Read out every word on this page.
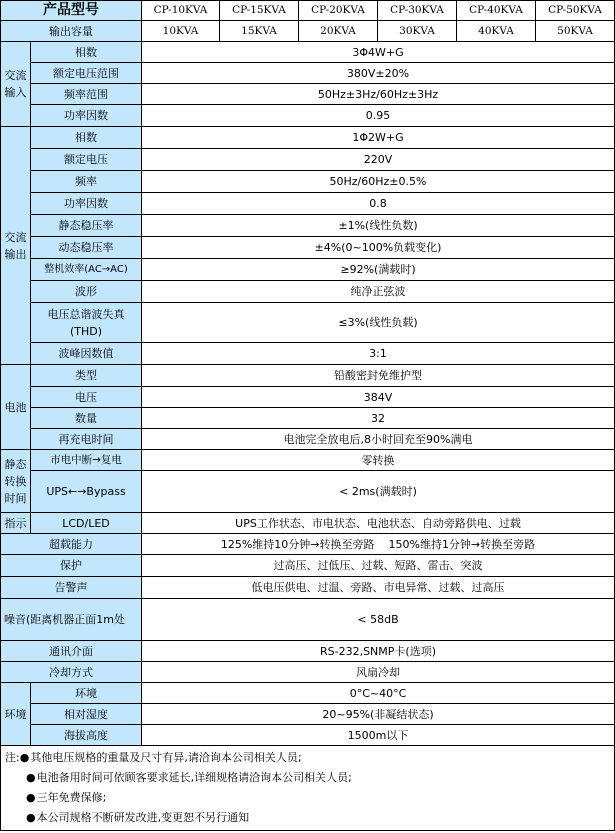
产品型号		CP-10KVA	CP-15KVA	CP-20KVA	CP-30KVA	CP-40KVA	CP-50KVA
输出容量		10KVA	15KVA	20KVA	30KVA	40KVA	50KVA
交流输入	相数	3Φ4W+G					
	额定电压范围	380V±20%					
	频率范围	50Hz±3Hz/60Hz±3Hz					
	功率因数	0.95					
交流输出	相数	1Φ2W+G					
	额定电压	220V					
	频率	50Hz/60Hz±0.5%					
	功率因数	0.8					
	静态稳压率	±1%(线性负数)					
	动态稳压率	±4%(0~100%负载变化)					
	整机效率(AC→AC)	≥92%(满载时)					
	波形	纯净正弦波					
	电压总谐波失真(THD)	≤3%(线性负载)					
	波峰因数值	3:1					
电池	类型	铅酸密封免维护型					
	电压	384V					
	数量	32					
	再充电时间	电池完全放电后,8小时回充至90%满电					
静态转换时间	市电中断→复电	零转换					
	UPS←→Bypass	< 2ms(满载时)					
指示	LCD/LED	UPS工作状态、市电状态、电池状态、自动旁路供电、过载					
超载能力		125%维持10分钟→转换至旁路    150%维持1分钟→转换至旁路					
保护		过高压、过低压、过载、短路、雷击、突波					
告警声		低电压供电、过温、旁路、市电异常、过载、过高压					
噪音(距离机器正面1m处		< 58dB					
通讯介面		RS-232,SNMP卡(选项)					
冷却方式		风扇冷却					
环境	环境	0°C~40°C					
	相对湿度	20~95%(非凝结状态)					
	海拔高度	1500m以下					

注: ● 其他电压规格的重量及尺寸有异,请洽询本公司相关人员;
● 电池备用时间可依顾客要求延长,详细规格请洽询本公司相关人员;
● 三年免费保修;
● 本公司规格不断研发改进,变更恕不另行通知
